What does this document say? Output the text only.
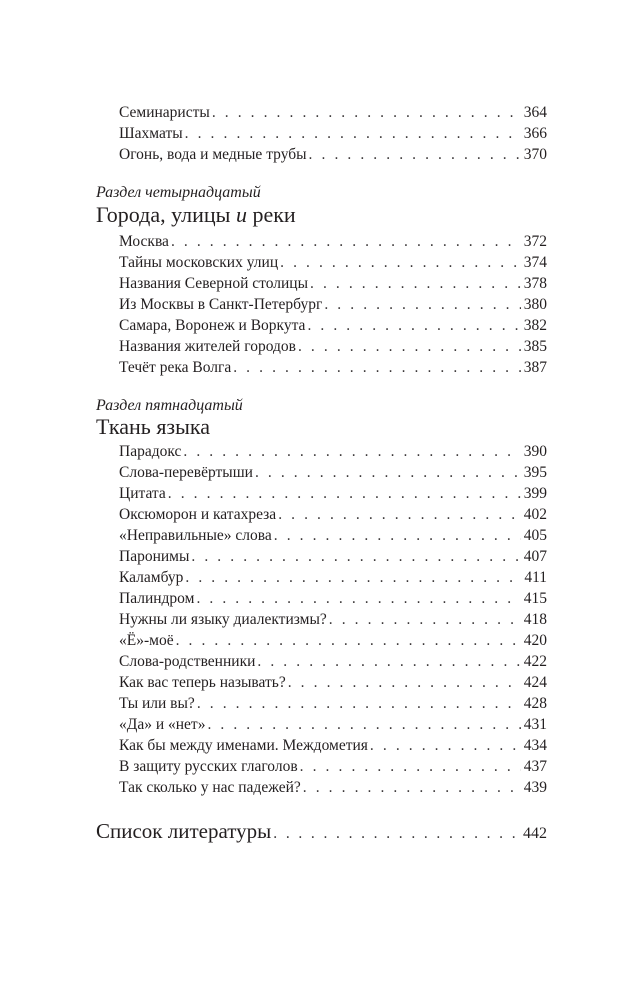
Семинаристы . . .	364
Шахматы . . .	366
Огонь, вода и медные трубы . . .	370
Раздел четырнадцатый
Города, улицы и реки
Москва . . .	372
Тайны московских улиц . . .	374
Названия Северной столицы . . .	378
Из Москвы в Санкт-Петербург . . .	380
Самара, Воронеж и Воркута . . .	382
Названия жителей городов . . .	385
Течёт река Волга . . .	387
Раздел пятнадцатый
Ткань языка
Парадокс . . .	390
Слова-перевёртыши . . .	395
Цитата . . .	399
Оксюморон и катахреза . . .	402
«Неправильные» слова . . .	405
Паронимы . . .	407
Каламбур . . .	411
Палиндром . . .	415
Нужны ли языку диалектизмы? . . .	418
«Ё»-моё . . .	420
Слова-родственники . . .	422
Как вас теперь называть? . . .	424
Ты или вы? . . .	428
«Да» и «нет» . . .	431
Как бы между именами. Междометия . . .	434
В защиту русских глаголов . . .	437
Так сколько у нас падежей? . . .	439
Список литературы . . .	442
